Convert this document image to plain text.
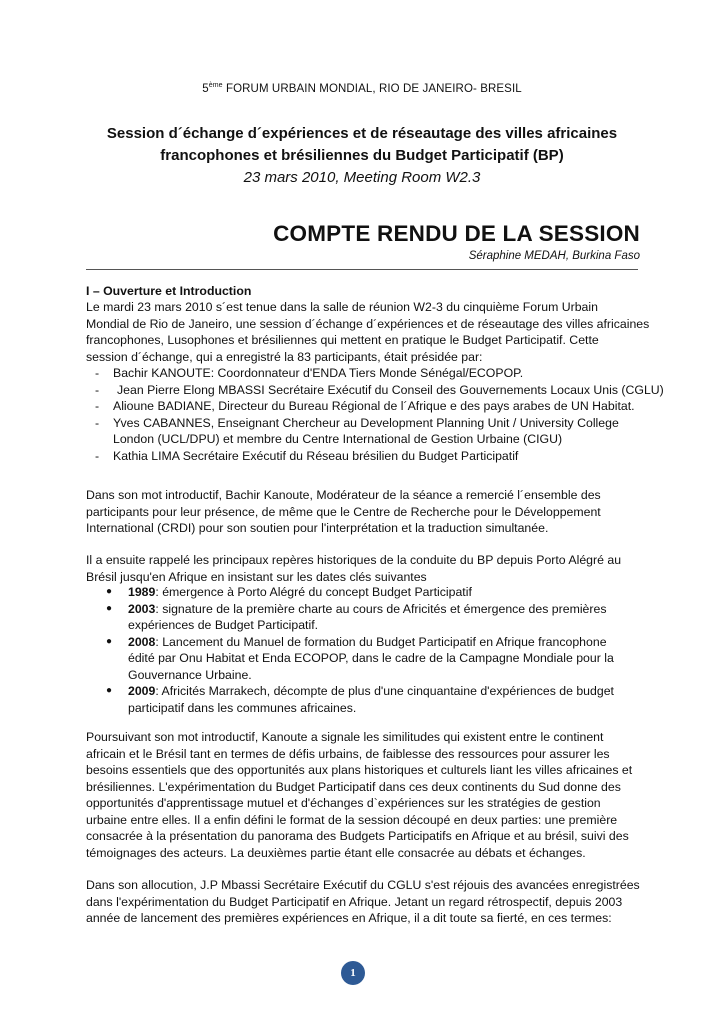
5ème FORUM URBAIN MONDIAL, RIO DE JANEIRO- BRESIL
Session d´échange d´expériences et de réseautage des villes africaines
francophones et brésiliennes du Budget Participatif (BP)
23 mars 2010, Meeting Room W2.3
COMPTE RENDU DE LA SESSION
Séraphine MEDAH, Burkina Faso
I – Ouverture et Introduction

Le mardi 23 mars 2010 s´est tenue dans la salle de réunion W2-3 du cinquième Forum Urbain

Mondial de Rio de Janeiro, une session d´échange d´expériences et de réseautage des villes africaines

francophones, Lusophones et brésiliennes qui mettent en pratique le Budget Participatif. Cette

session d´échange, qui a enregistré la 83 participants, était présidée par:

- Bachir KANOUTE: Coordonnateur d'ENDA Tiers Monde Sénégal/ECOPOP.

-	Jean Pierre Elong MBASSI Secrétaire Exécutif du Conseil des Gouvernements Locaux Unis (CGLU)

- Alioune BADIANE, Directeur du Bureau Régional de l´Afrique e des pays arabes de UN Habitat.

- Yves CABANNES, Enseignant Chercheur au Development Planning Unit / University College

London (UCL/DPU) et membre du Centre International de Gestion Urbaine (CIGU)

- Kathia LIMA Secrétaire Exécutif du Réseau brésilien du Budget Participatif

Dans son mot introductif, Bachir Kanoute, Modérateur de la séance a remercié l´ensemble des

participants pour leur présence, de même que le Centre de Recherche pour le Développement

International (CRDI) pour son soutien pour l'interprétation et la traduction simultanée.

Il a ensuite rappelé les principaux repères historiques de la conduite du BP depuis Porto Alégré au

Brésil jusqu'en Afrique en insistant sur les dates clés suivantes

● 1989: émergence à Porto Alégré du concept Budget Participatif

● 2003: signature de la première charte au cours de Africités et émergence des premières

expériences de Budget Participatif.

● 2008: Lancement du Manuel de formation du Budget Participatif en Afrique francophone

édité par Onu Habitat et Enda ECOPOP, dans le cadre de la Campagne Mondiale pour la

Gouvernance Urbaine.

● 2009: Africités Marrakech, décompte de plus d'une cinquantaine d'expériences de budget

participatif dans les communes africaines.

Poursuivant son mot introductif, Kanoute a signale les similitudes qui existent entre le continent

africain et le Brésil tant en termes de défis urbains, de faiblesse des ressources pour assurer les

besoins essentiels que des opportunités aux plans historiques et culturels liant les villes africaines et

brésiliennes. L'expérimentation du Budget Participatif dans ces deux continents du Sud donne des

opportunités d'apprentissage mutuel et d'échanges d`expériences sur les stratégies de gestion

urbaine entre elles. Il a enfin défini le format de la session découpé en deux parties: une première

consacrée à la présentation du panorama des Budgets Participatifs en Afrique et au brésil, suivi des

témoignages des acteurs. La deuxièmes partie étant elle consacrée au débats et échanges.

Dans son allocution, J.P Mbassi Secrétaire Exécutif du CGLU s'est réjouis des avancées enregistrées

dans l'expérimentation du Budget Participatif en Afrique. Jetant un regard rétrospectif, depuis 2003

année de lancement des premières expériences en Afrique, il a dit toute sa fierté, en ces termes:

1
